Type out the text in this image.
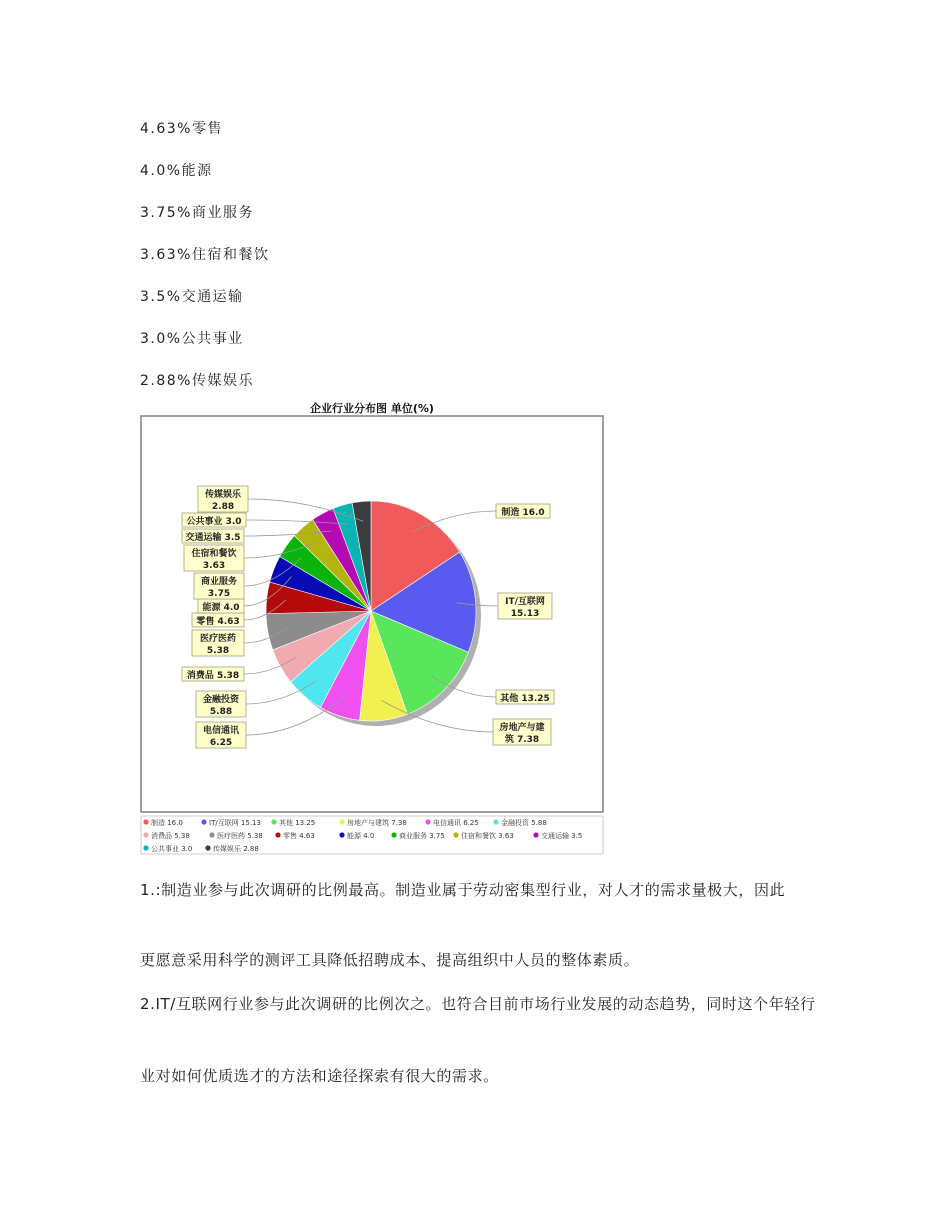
4.63%零售
4.0%能源
3.75%商业服务
3.63%住宿和餐饮
3.5%交通运输
3.0%公共事业
2.88%传媒娱乐
企业行业分布图 单位(%)
制造 16.0
IT/互联网
15.13
其他 13.25
房地产与建
筑 7.38
电信通讯
6.25
金融投资
5.88
消费品 5.38
医疗医药
5.38
零售 4.63
能源 4.0
商业服务
3.75
住宿和餐饮
3.63
交通运输 3.5
公共事业 3.0
传媒娱乐
2.88
制造 16.0	IT/互联网 15.13	其他 13.25	房地产与建筑 7.38	电信通讯 6.25	金融投资 5.88
消费品 5.38	医疗医药 5.38	零售 4.63	能源 4.0	商业服务 3.75 住宿和餐饮 3.63	交通运输 3.5
公共事业 3.0	传媒娱乐 2.88
1.:制造业参与此次调研的比例最高。制造业属于劳动密集型行业，对人才的需求量极大，因此
更愿意采用科学的测评工具降低招聘成本、提高组织中人员的整体素质。
2.IT/互联网行业参与此次调研的比例次之。也符合目前市场行业发展的动态趋势，同时这个年轻行
业对如何优质选才的方法和途径探索有很大的需求。
